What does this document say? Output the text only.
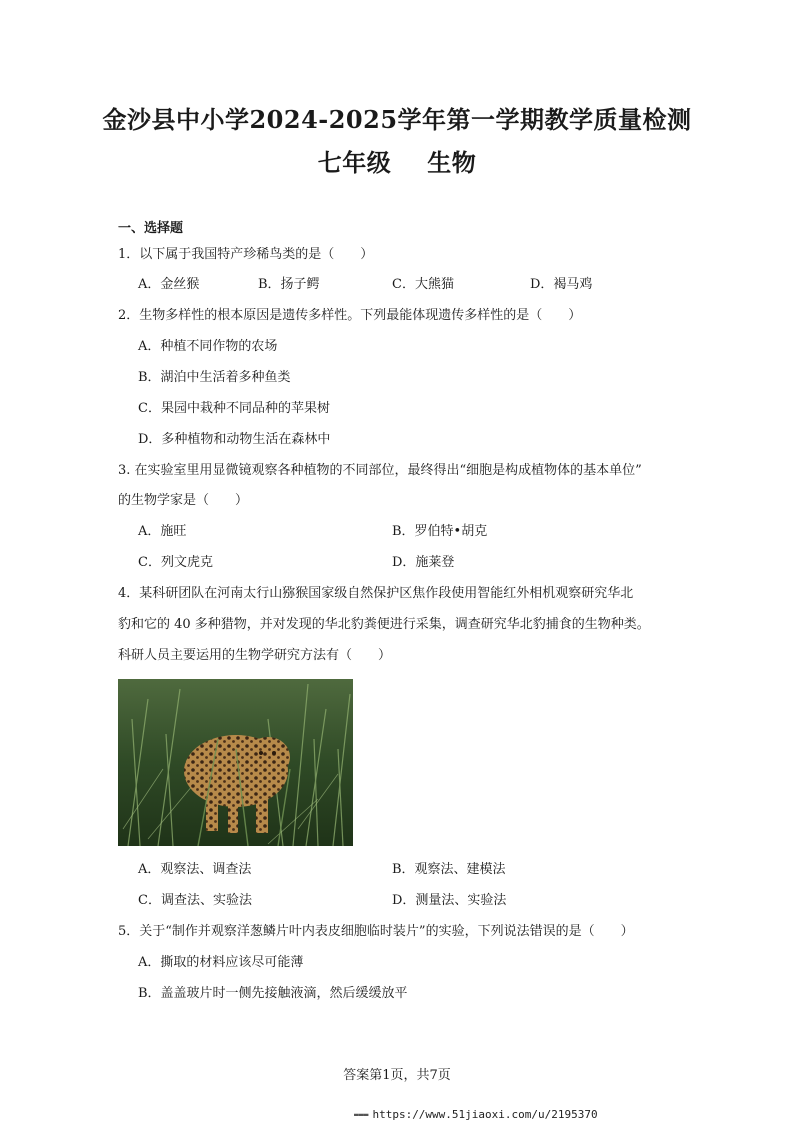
金沙县中小学2024-2025学年第一学期教学质量检测
七年级 生物
一、选择题
1．以下属于我国特产珍稀鸟类的是（　　）
A．金丝猴	B．扬子鳄	C．大熊猫	D．褐马鸡
2．生物多样性的根本原因是遗传多样性。下列最能体现遗传多样性的是（　　）
A．种植不同作物的农场
B．湖泊中生活着多种鱼类
C．果园中栽种不同品种的苹果树
D．多种植物和动物生活在森林中
3. 在实验室里用显微镜观察各种植物的不同部位，最终得出“细胞是构成植物体的基本单位”
的生物学家是（　　）
A．施旺	B．罗伯特•胡克
C．列文虎克	D．施莱登
4．某科研团队在河南太行山猕猴国家级自然保护区焦作段使用智能红外相机观察研究华北
豹和它的 40 多种猎物，并对发现的华北豹粪便进行采集，调查研究华北豹捕食的生物种类。
科研人员主要运用的生物学研究方法有（　　）
A．观察法、调查法	B．观察法、建模法
C．调查法、实验法	D．测量法、实验法
5．关于“制作并观察洋葱鳞片叶内表皮细胞临时装片”的实验，下列说法错误的是（　　）
A．撕取的材料应该尽可能薄
B．盖盖玻片时一侧先接触液滴，然后缓缓放平
答案第1页，共7页
▬▬▬ https://www.51jiaoxi.com/u/2195370
